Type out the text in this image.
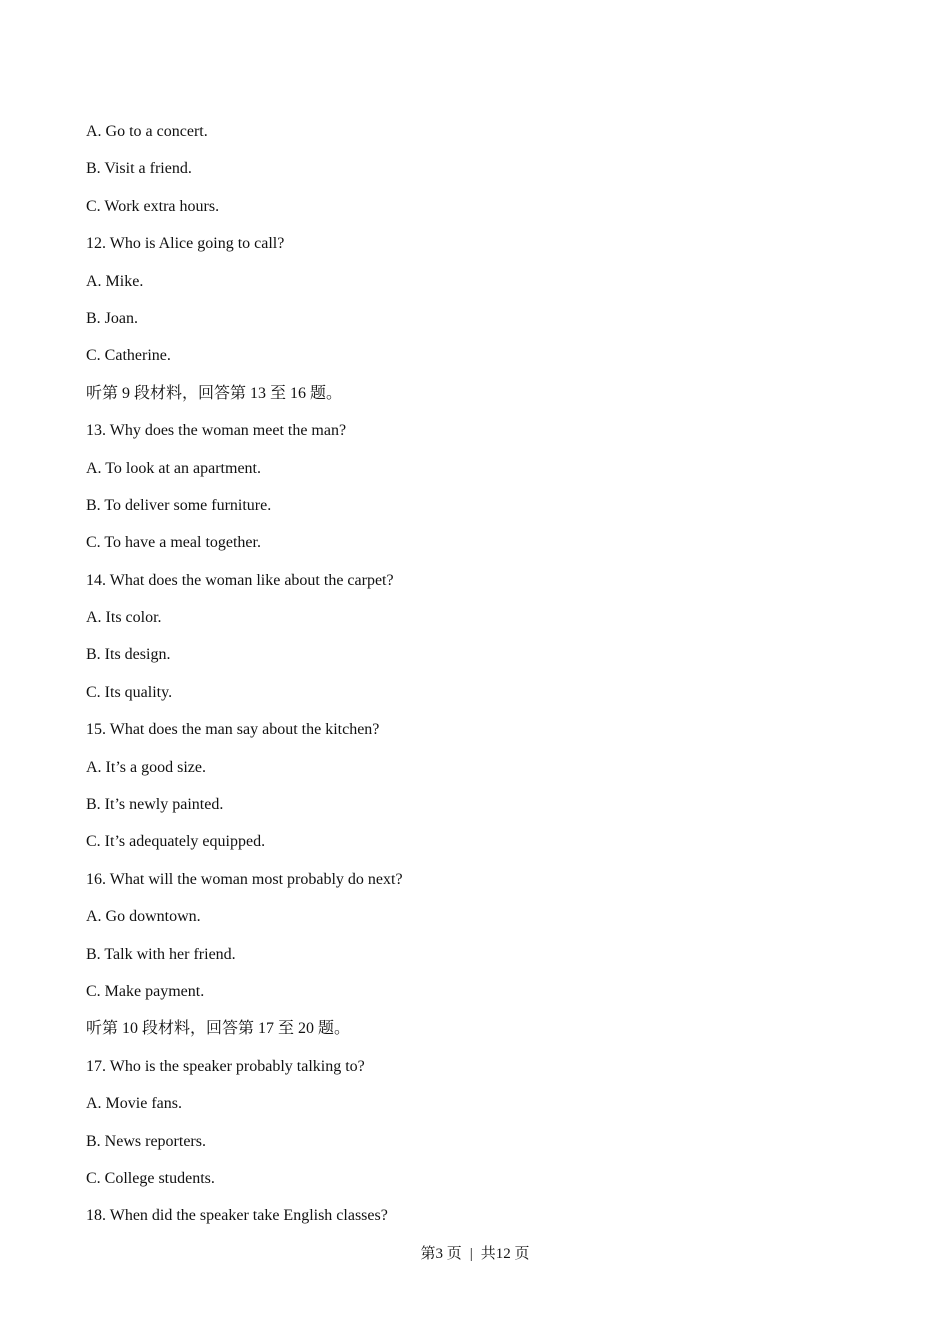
A. Go to a concert.
B. Visit a friend.
C. Work extra hours.
12. Who is Alice going to call?
A. Mike.
B. Joan.
C. Catherine.
听第 9 段材料，回答第 13 至 16 题。
13. Why does the woman meet the man?
A. To look at an apartment.
B. To deliver some furniture.
C. To have a meal together.
14. What does the woman like about the carpet?
A. Its color.
B. Its design.
C. Its quality.
15. What does the man say about the kitchen?
A. It’s a good size.
B. It’s newly painted.
C. It’s adequately equipped.
16. What will the woman most probably do next?
A. Go downtown.
B. Talk with her friend.
C. Make payment.
听第 10 段材料，回答第 17 至 20 题。
17. Who is the speaker probably talking to?
A. Movie fans.
B. News reporters.
C. College students.
18. When did the speaker take English classes?
第3 页 | 共12 页
